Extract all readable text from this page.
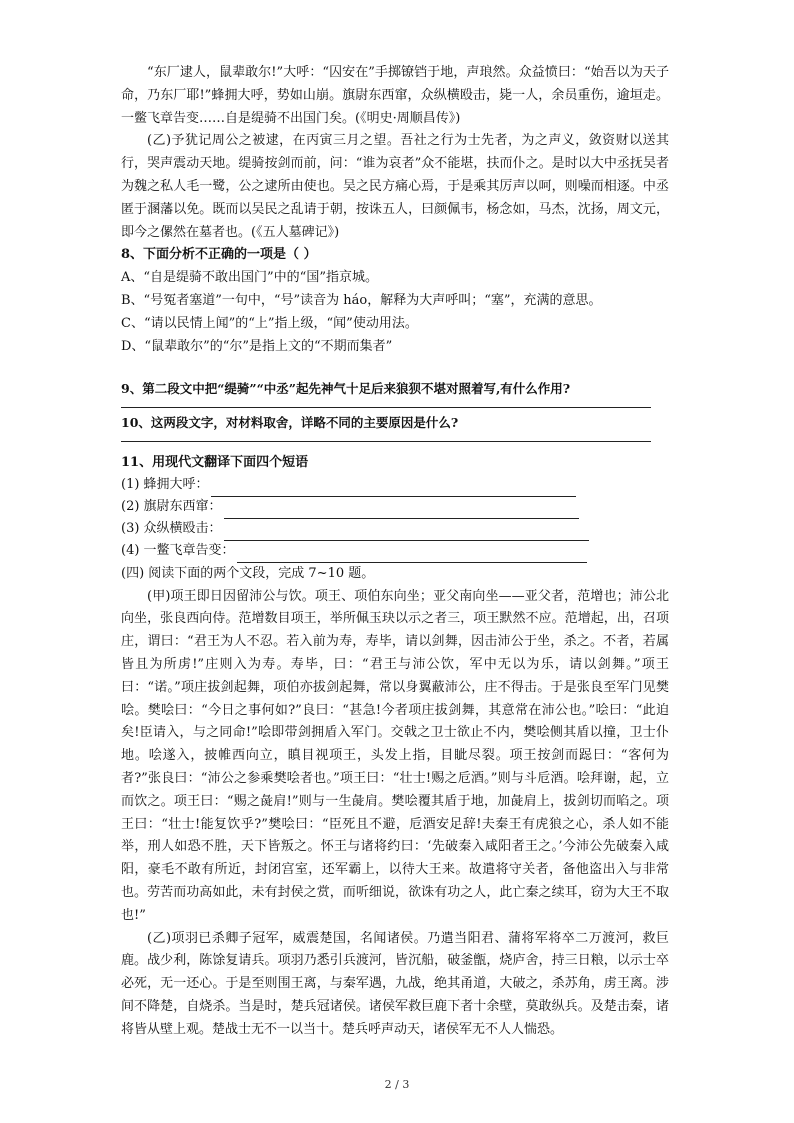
“东厂逮人，鼠辈敢尔!”大呼：“囚安在”手掷镣铛于地，声琅然。众益愤曰：“始吾以为天子命，乃东厂耶!”蜂拥大呼，势如山崩。旗尉东西窜，众纵横殴击，毙一人，余员重伤，逾垣走。一鳖飞章告变……自是缇骑不出国门矣。(《明史·周顺昌传》)

(乙)予犹记周公之被逮，在丙寅三月之望。吾社之行为士先者，为之声义，敛资财以送其行，哭声震动天地。缇骑按剑而前，问：“谁为哀者”众不能堪，扶而仆之。是时以大中丞抚吴者为魏之私人毛一鹭，公之逮所由使也。吴之民方痛心焉，于是乘其厉声以呵，则噪而相逐。中丞匿于溷藩以免。既而以吴民之乱请于朝，按诛五人，曰颜佩韦，杨念如，马杰，沈扬，周文元，即今之傫然在墓者也。(《五人墓碑记》)

8、下面分析不正确的一项是（ ）

A、“自是缇骑不敢出国门”中的“国”指京城。

B、“号冤者塞道”一句中，“号”读音为 háo，解释为大声呼叫；“塞”，充满的意思。

C、“请以民情上闻”的“上”指上级，“闻”使动用法。

D、“鼠辈敢尔”的“尔”是指上文的“不期而集者”

9、第二段文中把“缇骑”“中丞”起先神气十足后来狼狈不堪对照着写,有什么作用?

10、这两段文字，对材料取舍，详略不同的主要原因是什么?

11、用现代文翻译下面四个短语

(1) 蜂拥大呼：
(2) 旗尉东西窜：
(3) 众纵横殴击：
(4) 一鳖飞章告变：

(四) 阅读下面的两个文段，完成 7~10 题。

(甲)项王即日因留沛公与饮。项王、项伯东向坐；亚父南向坐——亚父者，范增也；沛公北向坐，张良西向侍。范增数目项王，举所佩玉玦以示之者三，项王默然不应。范增起，出，召项庄，谓曰：“君王为人不忍。若入前为寿，寿毕，请以剑舞，因击沛公于坐，杀之。不者，若属皆且为所虏!”庄则入为寿。寿毕，曰：“君王与沛公饮，军中无以为乐，请以剑舞。”项王曰：“诺。”项庄拔剑起舞，项伯亦拔剑起舞，常以身翼蔽沛公，庄不得击。于是张良至军门见樊哙。樊哙曰：“今日之事何如?”良曰：“甚急!今者项庄拔剑舞，其意常在沛公也。”哙曰：“此迫矣!臣请入，与之同命!”哙即带剑拥盾入军门。交戟之卫士欲止不内，樊哙侧其盾以撞，卫士仆地。哙遂入，披帷西向立，瞋目视项王，头发上指，目眦尽裂。项王按剑而跽曰：“客何为者?”张良曰：“沛公之参乘樊哙者也。”项王曰：“壮士!赐之卮酒。”则与斗卮酒。哙拜谢，起，立而饮之。项王曰：“赐之彘肩!”则与一生彘肩。樊哙覆其盾于地，加彘肩上，拔剑切而啗之。项王曰：“壮士!能复饮乎?”樊哙曰：“臣死且不避，卮酒安足辞!夫秦王有虎狼之心，杀人如不能举，刑人如恐不胜，天下皆叛之。怀王与诸将约曰：‘先破秦入咸阳者王之。’今沛公先破秦入咸阳，豪毛不敢有所近，封闭宫室，还军霸上，以待大王来。故遣将守关者，备他盗出入与非常也。劳苦而功高如此，未有封侯之赏，而听细说，欲诛有功之人，此亡秦之续耳，窃为大王不取也!”

(乙)项羽已杀卿子冠军，威震楚国，名闻诸侯。乃遣当阳君、蒲将军将卒二万渡河，救巨鹿。战少利，陈馀复请兵。项羽乃悉引兵渡河，皆沉船，破釜甑，烧庐舍，持三日粮，以示士卒必死，无一还心。于是至则围王离，与秦军遇，九战，绝其甬道，大破之，杀苏角，虏王离。涉间不降楚，自烧杀。当是时，楚兵冠诸侯。诸侯军救巨鹿下者十余壁，莫敢纵兵。及楚击秦，诸将皆从壁上观。楚战士无不一以当十。楚兵呼声动天，诸侯军无不人人惴恐。

2 / 3
